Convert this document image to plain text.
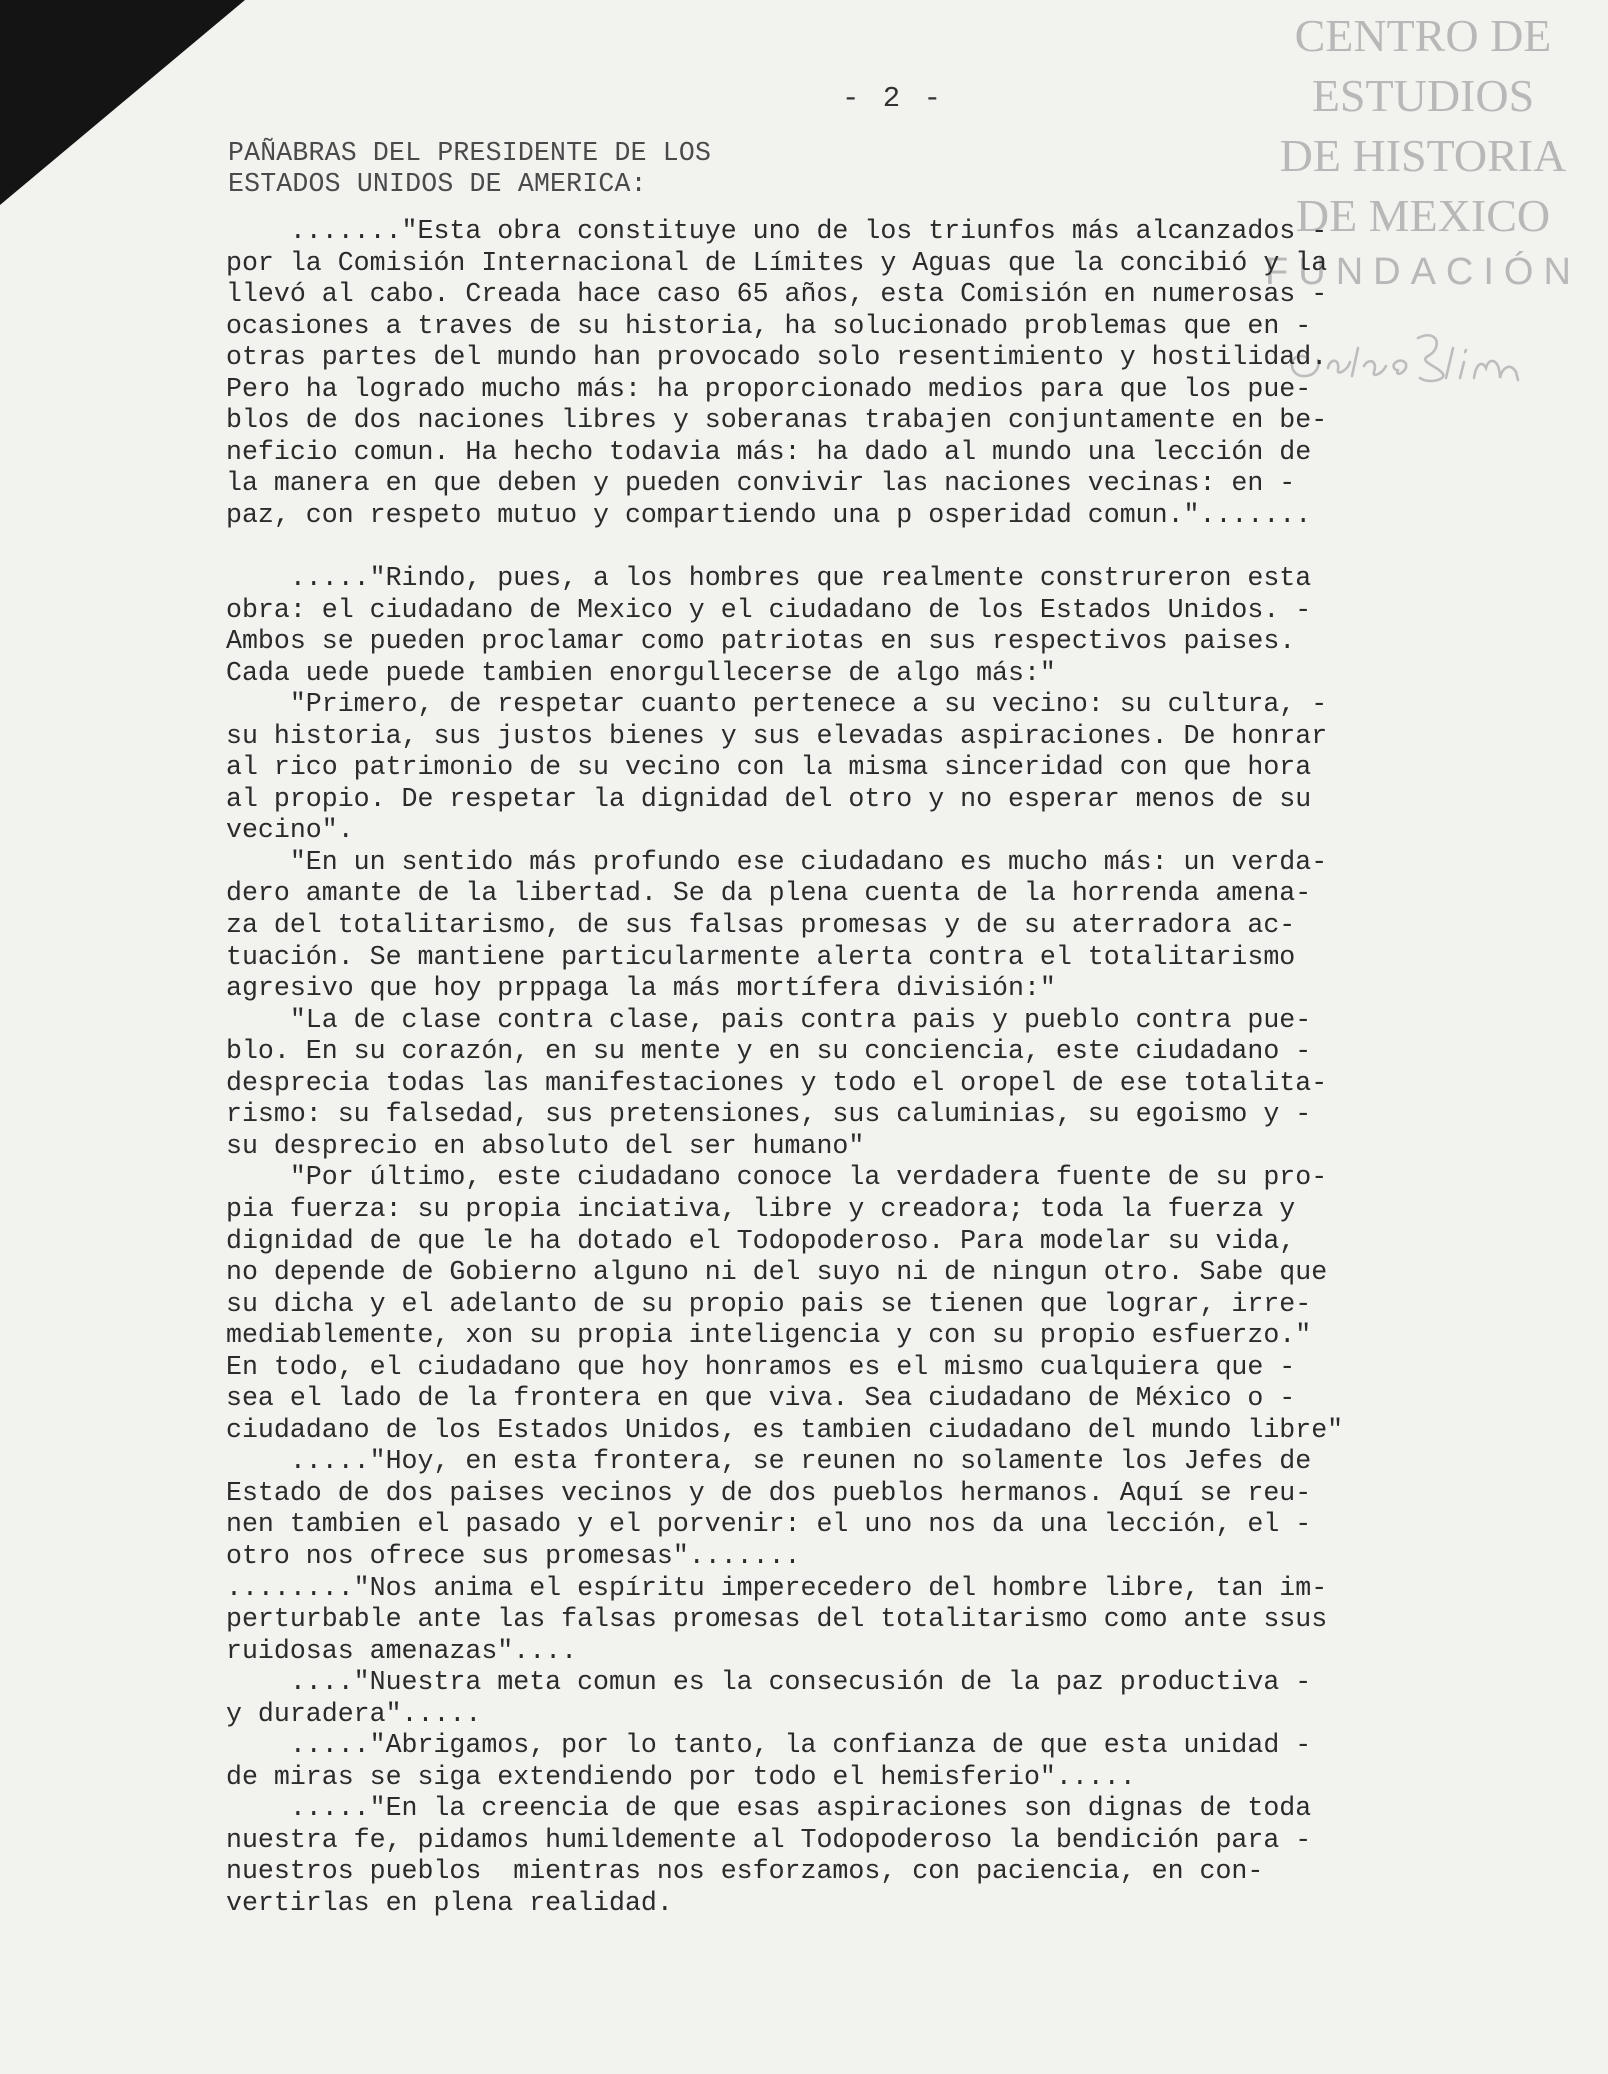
CENTRO DE
ESTUDIOS
DE HISTORIA
DE MEXICO
FUNDACIÓN
- 2 -
PAÑABRAS DEL PRESIDENTE DE LOS
ESTADOS UNIDOS DE AMERICA:
......."Esta obra constituye uno de los triunfos más alcanzados -
por la Comisión Internacional de Límites y Aguas que la concibió y la
llevó al cabo. Creada hace caso 65 años, esta Comisión en numerosas -
ocasiones a traves de su historia, ha solucionado problemas que en -
otras partes del mundo han provocado solo resentimiento y hostilidad.
Pero ha logrado mucho más: ha proporcionado medios para que los pue-
blos de dos naciones libres y soberanas trabajen conjuntamente en be-
neficio comun. Ha hecho todavia más: ha dado al mundo una lección de
la manera en que deben y pueden convivir las naciones vecinas: en -
paz, con respeto mutuo y compartiendo una p osperidad comun.".......

....."Rindo, pues, a los hombres que realmente construreron esta
obra: el ciudadano de Mexico y el ciudadano de los Estados Unidos. -
Ambos se pueden proclamar como patriotas en sus respectivos paises.
Cada uede puede tambien enorgullecerse de algo más:"
"Primero, de respetar cuanto pertenece a su vecino: su cultura, -
su historia, sus justos bienes y sus elevadas aspiraciones. De honrar
al rico patrimonio de su vecino con la misma sinceridad con que hora
al propio. De respetar la dignidad del otro y no esperar menos de su
vecino".
"En un sentido más profundo ese ciudadano es mucho más: un verda-
dero amante de la libertad. Se da plena cuenta de la horrenda amena-
za del totalitarismo, de sus falsas promesas y de su aterradora ac-
tuación. Se mantiene particularmente alerta contra el totalitarismo
agresivo que hoy prppaga la más mortífera división:"
"La de clase contra clase, pais contra pais y pueblo contra pue-
blo. En su corazón, en su mente y en su conciencia, este ciudadano -
desprecia todas las manifestaciones y todo el oropel de ese totalita-
rismo: su falsedad, sus pretensiones, sus caluminias, su egoismo y -
su desprecio en absoluto del ser humano"
"Por último, este ciudadano conoce la verdadera fuente de su pro-
pia fuerza: su propia inciativa, libre y creadora; toda la fuerza y
dignidad de que le ha dotado el Todopoderoso. Para modelar su vida,
no depende de Gobierno alguno ni del suyo ni de ningun otro. Sabe que
su dicha y el adelanto de su propio pais se tienen que lograr, irre-
mediablemente, xon su propia inteligencia y con su propio esfuerzo."
En todo, el ciudadano que hoy honramos es el mismo cualquiera que -
sea el lado de la frontera en que viva. Sea ciudadano de México o -
ciudadano de los Estados Unidos, es tambien ciudadano del mundo libre"
....."Hoy, en esta frontera, se reunen no solamente los Jefes de
Estado de dos paises vecinos y de dos pueblos hermanos. Aquí se reu-
nen tambien el pasado y el porvenir: el uno nos da una lección, el -
otro nos ofrece sus promesas".......
........"Nos anima el espíritu imperecedero del hombre libre, tan im-
perturbable ante las falsas promesas del totalitarismo como ante ssus
ruidosas amenazas"....
...."Nuestra meta comun es la consecusión de la paz productiva -
y duradera".....
....."Abrigamos, por lo tanto, la confianza de que esta unidad -
de miras se siga extendiendo por todo el hemisferio".....
....."En la creencia de que esas aspiraciones son dignas de toda
nuestra fe, pidamos humildemente al Todopoderoso la bendición para -
nuestros pueblos  mientras nos esforzamos, con paciencia, en con-
vertirlas en plena realidad.
